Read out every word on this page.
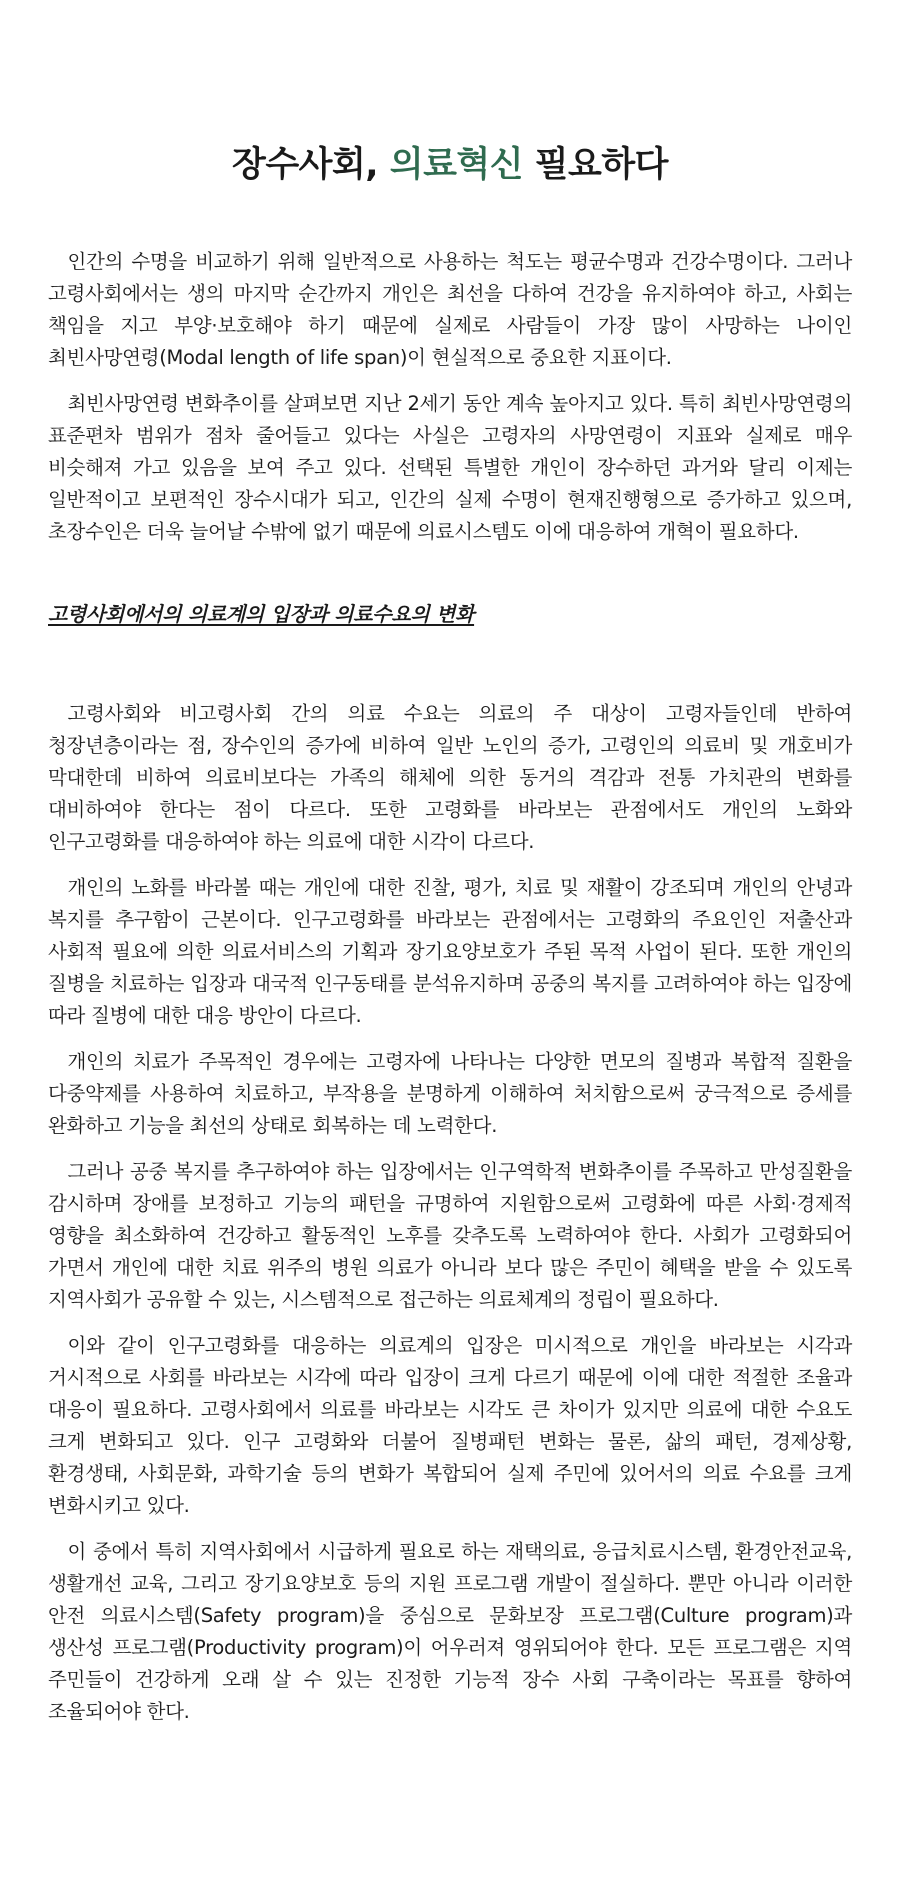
장수사회, 의료혁신 필요하다

인간의 수명을 비교하기 위해 일반적으로 사용하는 척도는 평균수명과 건강수명이다. 그러나 고령사회에서는 생의 마지막 순간까지 개인은 최선을 다하여 건강을 유지하여야 하고, 사회는 책임을 지고 부양·보호해야 하기 때문에 실제로 사람들이 가장 많이 사망하는 나이인 최빈사망연령(Modal length of life span)이 현실적으로 중요한 지표이다.

최빈사망연령 변화추이를 살펴보면 지난 2세기 동안 계속 높아지고 있다. 특히 최빈사망연령의 표준편차 범위가 점차 줄어들고 있다는 사실은 고령자의 사망연령이 지표와 실제로 매우 비슷해져 가고 있음을 보여 주고 있다. 선택된 특별한 개인이 장수하던 과거와 달리 이제는 일반적이고 보편적인 장수시대가 되고, 인간의 실제 수명이 현재진행형으로 증가하고 있으며, 초장수인은 더욱 늘어날 수밖에 없기 때문에 의료시스템도 이에 대응하여 개혁이 필요하다.

고령사회에서의 의료계의 입장과 의료수요의 변화

고령사회와 비고령사회 간의 의료 수요는 의료의 주 대상이 고령자들인데 반하여 청장년층이라는 점, 장수인의 증가에 비하여 일반 노인의 증가, 고령인의 의료비 및 개호비가 막대한데 비하여 의료비보다는 가족의 해체에 의한 동거의 격감과 전통 가치관의 변화를 대비하여야 한다는 점이 다르다. 또한 고령화를 바라보는 관점에서도 개인의 노화와 인구고령화를 대응하여야 하는 의료에 대한 시각이 다르다.

개인의 노화를 바라볼 때는 개인에 대한 진찰, 평가, 치료 및 재활이 강조되며 개인의 안녕과 복지를 추구함이 근본이다. 인구고령화를 바라보는 관점에서는 고령화의 주요인인 저출산과 사회적 필요에 의한 의료서비스의 기획과 장기요양보호가 주된 목적 사업이 된다. 또한 개인의 질병을 치료하는 입장과 대국적 인구동태를 분석유지하며 공중의 복지를 고려하여야 하는 입장에 따라 질병에 대한 대응 방안이 다르다.

개인의 치료가 주목적인 경우에는 고령자에 나타나는 다양한 면모의 질병과 복합적 질환을 다중약제를 사용하여 치료하고, 부작용을 분명하게 이해하여 처치함으로써 궁극적으로 증세를 완화하고 기능을 최선의 상태로 회복하는 데 노력한다.

그러나 공중 복지를 추구하여야 하는 입장에서는 인구역학적 변화추이를 주목하고 만성질환을 감시하며 장애를 보정하고 기능의 패턴을 규명하여 지원함으로써 고령화에 따른 사회·경제적 영향을 최소화하여 건강하고 활동적인 노후를 갖추도록 노력하여야 한다. 사회가 고령화되어 가면서 개인에 대한 치료 위주의 병원 의료가 아니라 보다 많은 주민이 혜택을 받을 수 있도록 지역사회가 공유할 수 있는, 시스템적으로 접근하는 의료체계의 정립이 필요하다.

이와 같이 인구고령화를 대응하는 의료계의 입장은 미시적으로 개인을 바라보는 시각과 거시적으로 사회를 바라보는 시각에 따라 입장이 크게 다르기 때문에 이에 대한 적절한 조율과 대응이 필요하다. 고령사회에서 의료를 바라보는 시각도 큰 차이가 있지만 의료에 대한 수요도 크게 변화되고 있다. 인구 고령화와 더불어 질병패턴 변화는 물론, 삶의 패턴, 경제상황, 환경생태, 사회문화, 과학기술 등의 변화가 복합되어 실제 주민에 있어서의 의료 수요를 크게 변화시키고 있다.

이 중에서 특히 지역사회에서 시급하게 필요로 하는 재택의료, 응급치료시스템, 환경안전교육, 생활개선 교육, 그리고 장기요양보호 등의 지원 프로그램 개발이 절실하다. 뿐만 아니라 이러한 안전 의료시스템(Safety program)을 중심으로 문화보장 프로그램(Culture program)과 생산성 프로그램(Productivity program)이 어우러져 영위되어야 한다. 모든 프로그램은 지역 주민들이 건강하게 오래 살 수 있는 진정한 기능적 장수 사회 구축이라는 목표를 향하여 조율되어야 한다.
